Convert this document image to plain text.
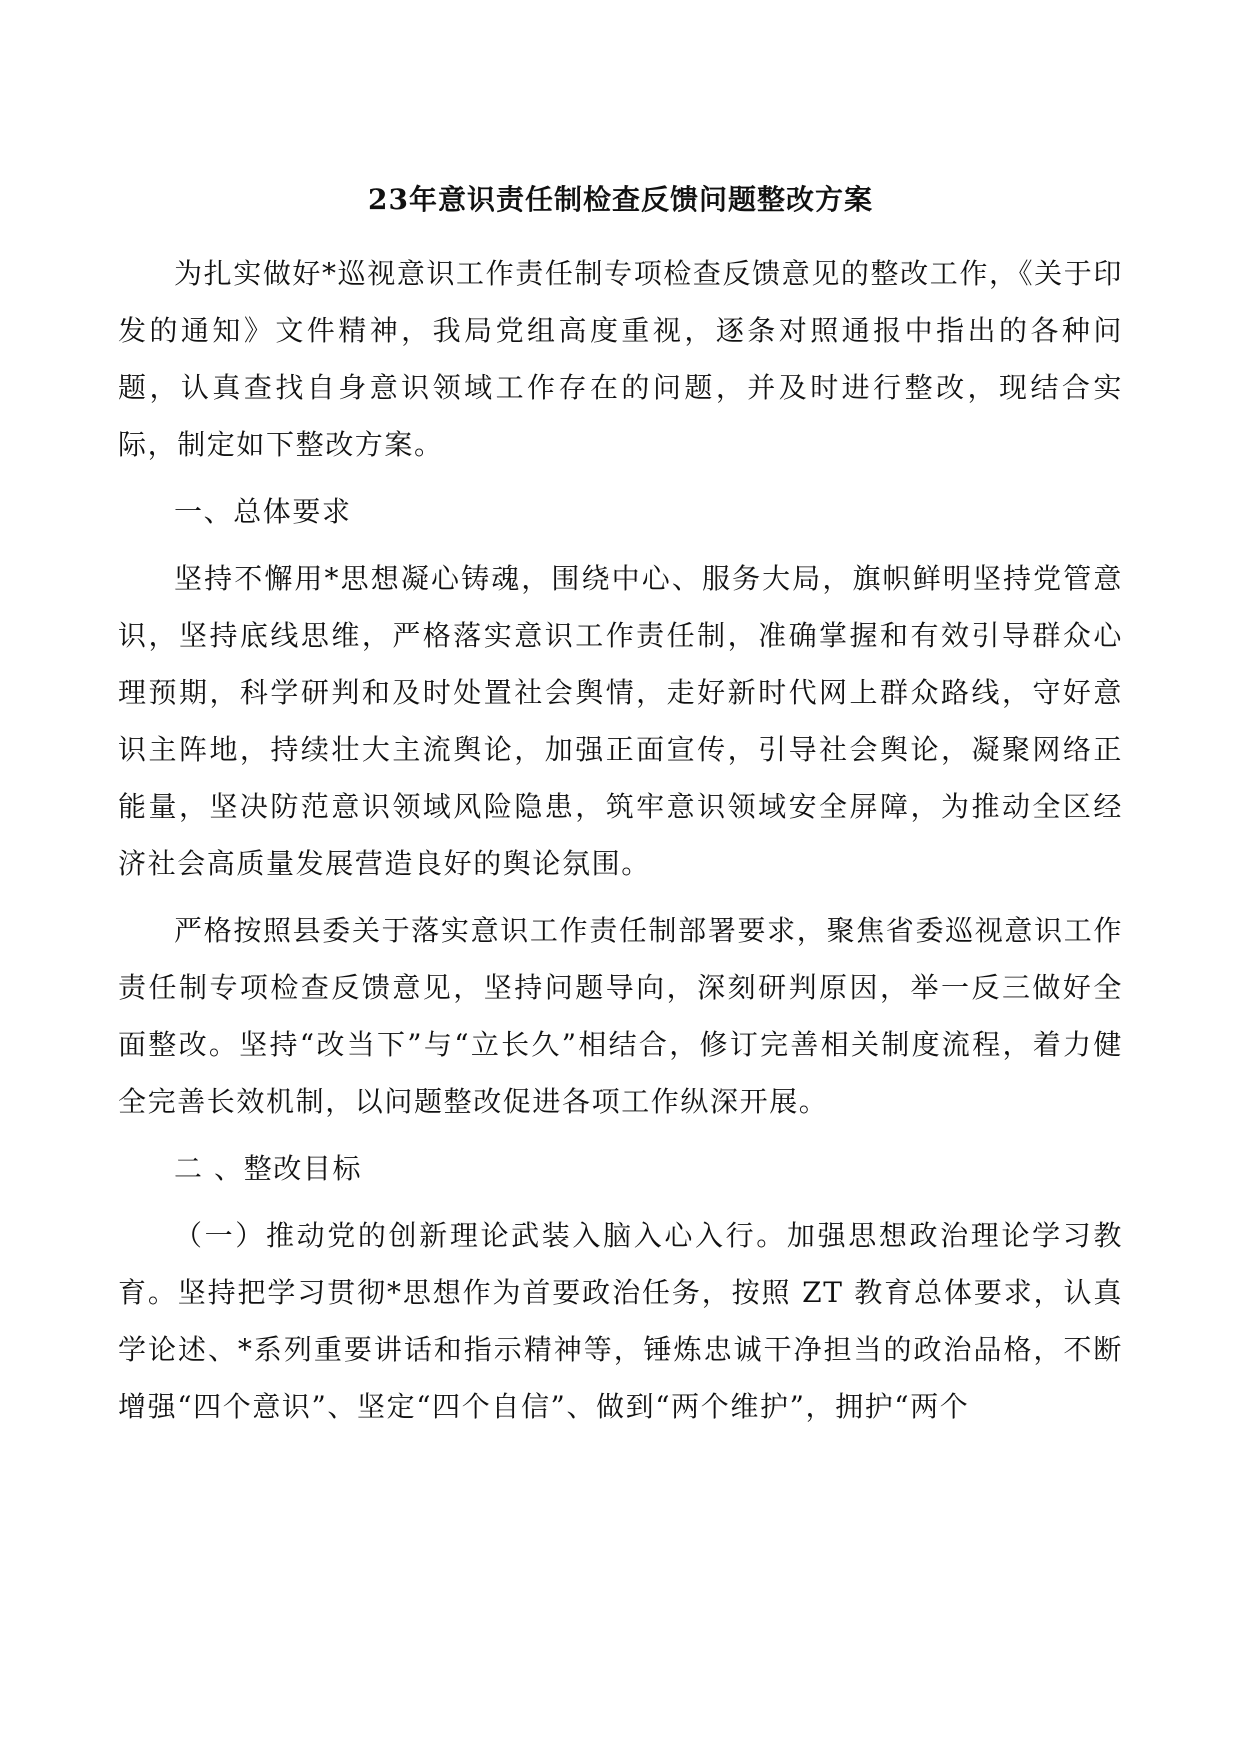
23年意识责任制检查反馈问题整改方案

为扎实做好*巡视意识工作责任制专项检查反馈意见的整改工作，《关于印发的通知》文件精神，我局党组高度重视，逐条对照通报中指出的各种问题，认真查找自身意识领域工作存在的问题，并及时进行整改，现结合实际，制定如下整改方案。

一、总体要求

坚持不懈用*思想凝心铸魂，围绕中心、服务大局，旗帜鲜明坚持党管意识，坚持底线思维，严格落实意识工作责任制，准确掌握和有效引导群众心理预期，科学研判和及时处置社会舆情，走好新时代网上群众路线，守好意识主阵地，持续壮大主流舆论，加强正面宣传，引导社会舆论，凝聚网络正能量，坚决防范意识领域风险隐患，筑牢意识领域安全屏障，为推动全区经济社会高质量发展营造良好的舆论氛围。

严格按照县委关于落实意识工作责任制部署要求，聚焦省委巡视意识工作责任制专项检查反馈意见，坚持问题导向，深刻研判原因，举一反三做好全面整改。坚持“改当下”与“立长久”相结合，修订完善相关制度流程，着力健全完善长效机制，以问题整改促进各项工作纵深开展。

二 、整改目标

（一）推动党的创新理论武装入脑入心入行。加强思想政治理论学习教育。坚持把学习贯彻*思想作为首要政治任务，按照 ZT 教育总体要求，认真学论述、*系列重要讲话和指示精神等，锤炼忠诚干净担当的政治品格，不断增强“四个意识”、坚定“四个自信”、做到“两个维护”，拥护“两个
